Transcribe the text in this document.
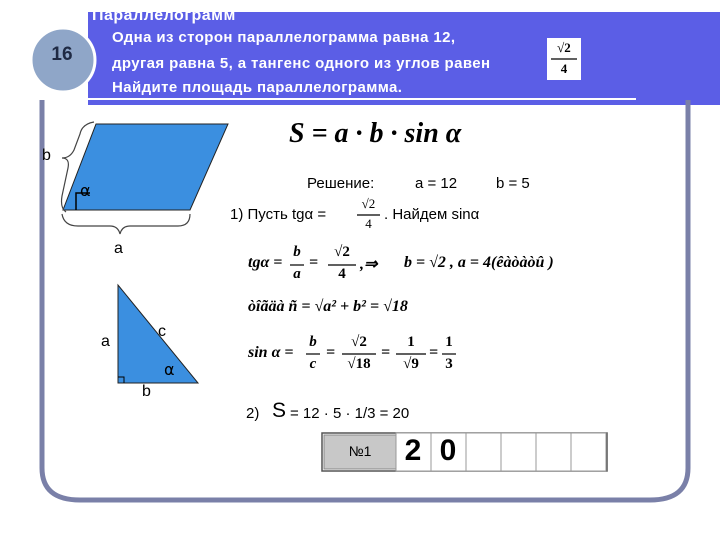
Параллелограмм
16
Одна из сторон параллелограмма равна 12,
другая равна 5, а тангенс одного из углов равен
Найдите площадь параллелограмма.
√2
4
b
α
a
a
c
α
b
S = a · b · sin α
Решение:	a = 12	b = 5
1) Пусть tgα =
√2
4
. Найдем sinα
tgα =
b
a
=
√2
4
,⇒ b = √2 , a = 4(êàòàòû )
òîãäà ñ = √a² + b² = √18
sin α =
b
c
=
√2
√18
=
1
√9
=
1
3
2) S = 12 · 5 · 1/3 = 20
№1	2 0
